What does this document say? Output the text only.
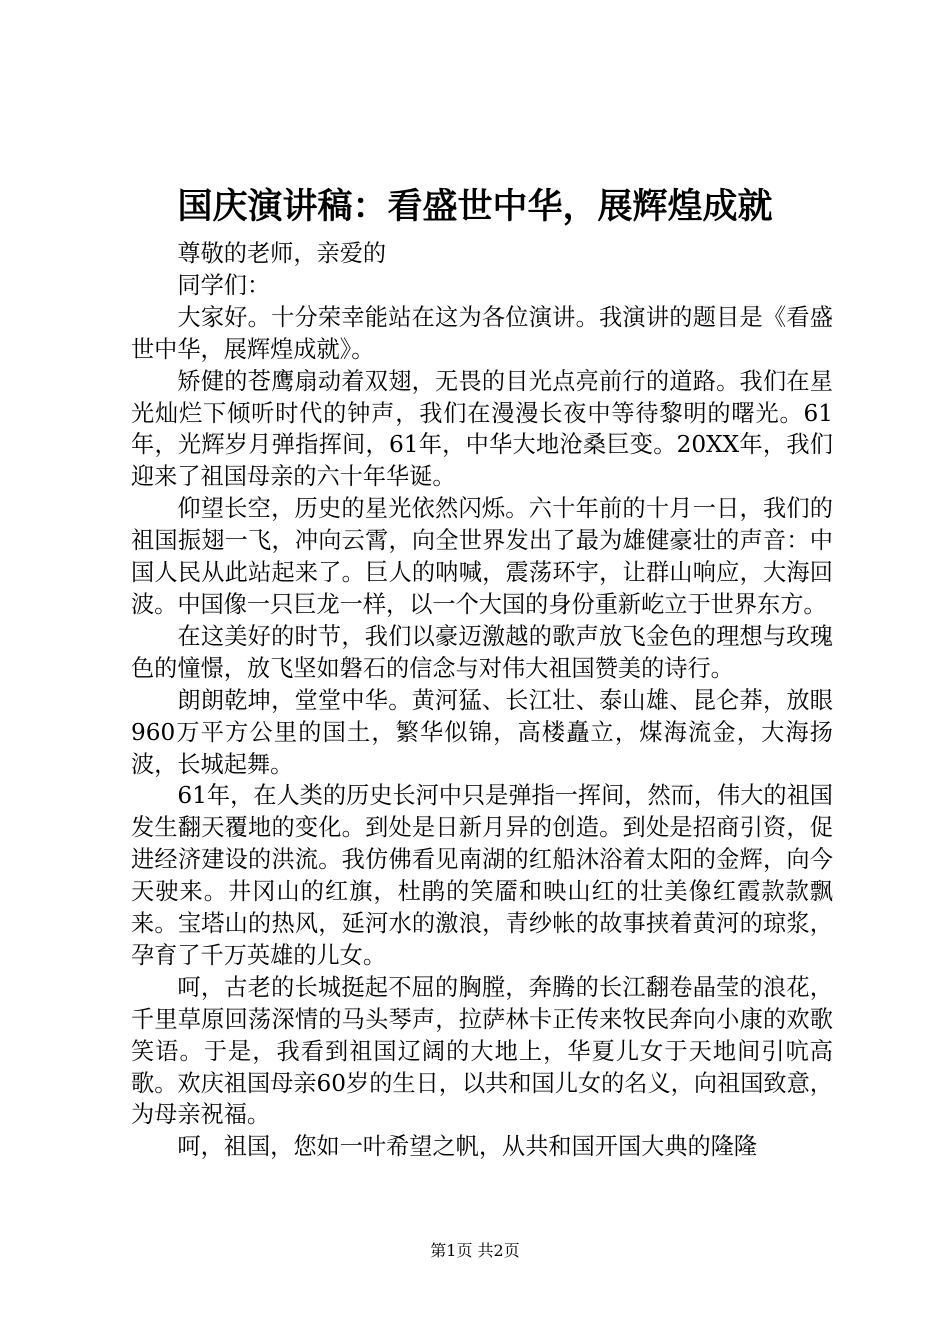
国庆演讲稿：看盛世中华，展辉煌成就

尊敬的老师，亲爱的

同学们：

大家好。十分荣幸能站在这为各位演讲。我演讲的题目是《看盛世中华，展辉煌成就》。

矫健的苍鹰扇动着双翅，无畏的目光点亮前行的道路。我们在星光灿烂下倾听时代的钟声，我们在漫漫长夜中等待黎明的曙光。61年，光辉岁月弹指挥间，61年，中华大地沧桑巨变。20XX年，我们迎来了祖国母亲的六十年华诞。

仰望长空，历史的星光依然闪烁。六十年前的十月一日，我们的祖国振翅一飞，冲向云霄，向全世界发出了最为雄健豪壮的声音：中国人民从此站起来了。巨人的呐喊，震荡环宇，让群山响应，大海回波。中国像一只巨龙一样，以一个大国的身份重新屹立于世界东方。

在这美好的时节，我们以豪迈激越的歌声放飞金色的理想与玫瑰色的憧憬，放飞坚如磐石的信念与对伟大祖国赞美的诗行。

朗朗乾坤，堂堂中华。黄河猛、长江壮、泰山雄、昆仑莽，放眼960万平方公里的国土，繁华似锦，高楼矗立，煤海流金，大海扬波，长城起舞。

61年，在人类的历史长河中只是弹指一挥间，然而，伟大的祖国发生翻天覆地的变化。到处是日新月异的创造。到处是招商引资，促进经济建设的洪流。我仿佛看见南湖的红船沐浴着太阳的金辉，向今天驶来。井冈山的红旗，杜鹃的笑靥和映山红的壮美像红霞款款飘来。宝塔山的热风，延河水的激浪，青纱帐的故事挟着黄河的琼浆，孕育了千万英雄的儿女。

呵，古老的长城挺起不屈的胸膛，奔腾的长江翻卷晶莹的浪花，千里草原回荡深情的马头琴声，拉萨林卡正传来牧民奔向小康的欢歌笑语。于是，我看到祖国辽阔的大地上，华夏儿女于天地间引吭高歌。欢庆祖国母亲60岁的生日，以共和国儿女的名义，向祖国致意，为母亲祝福。

呵，祖国，您如一叶希望之帆，从共和国开国大典的隆隆

第1页 共2页
